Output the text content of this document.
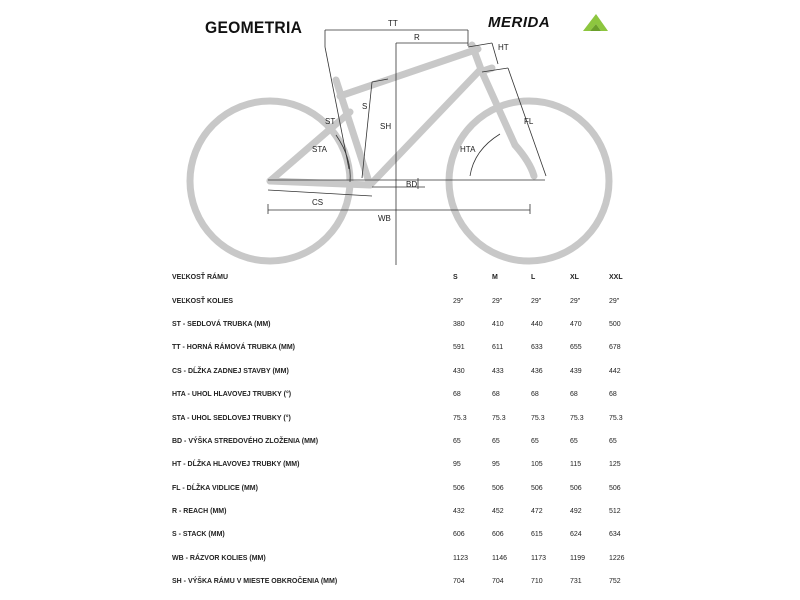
GEOMETRIA	MERIDA
TT
R
HT
S
ST
SH
FL
STA	HTA
BD
CS
WB
VEĽKOSŤ RÁMU	S	M	L	XL	XXL
VEĽKOSŤ KOLIES	29"	29"	29"	29"	29"
ST - SEDLOVÁ TRUBKA (MM)	380	410	440	470	500
TT - HORNÁ RÁMOVÁ TRUBKA (MM)	591	611	633	655	678
CS - DĹŽKA ZADNEJ STAVBY (MM)	430	433	436	439	442
HTA - UHOL HLAVOVEJ TRUBKY (°)	68	68	68	68	68
STA - UHOL SEDLOVEJ TRUBKY (°)	75.3	75.3	75.3	75.3	75.3
BD - VÝŠKA STREDOVÉHO ZLOŽENIA (MM)	65	65	65	65	65
HT - DĹŽKA HLAVOVEJ TRUBKY (MM)	95	95	105	115	125
FL - DĹŽKA VIDLICE (MM)	506	506	506	506	506
R - REACH (MM)	432	452	472	492	512
S - STACK (MM)	606	606	615	624	634
WB - RÁZVOR KOLIES (MM)	1123	1146	1173	1199	1226
SH - VÝŠKA RÁMU V MIESTE OBKROČENIA (MM)	704	704	710	731	752
